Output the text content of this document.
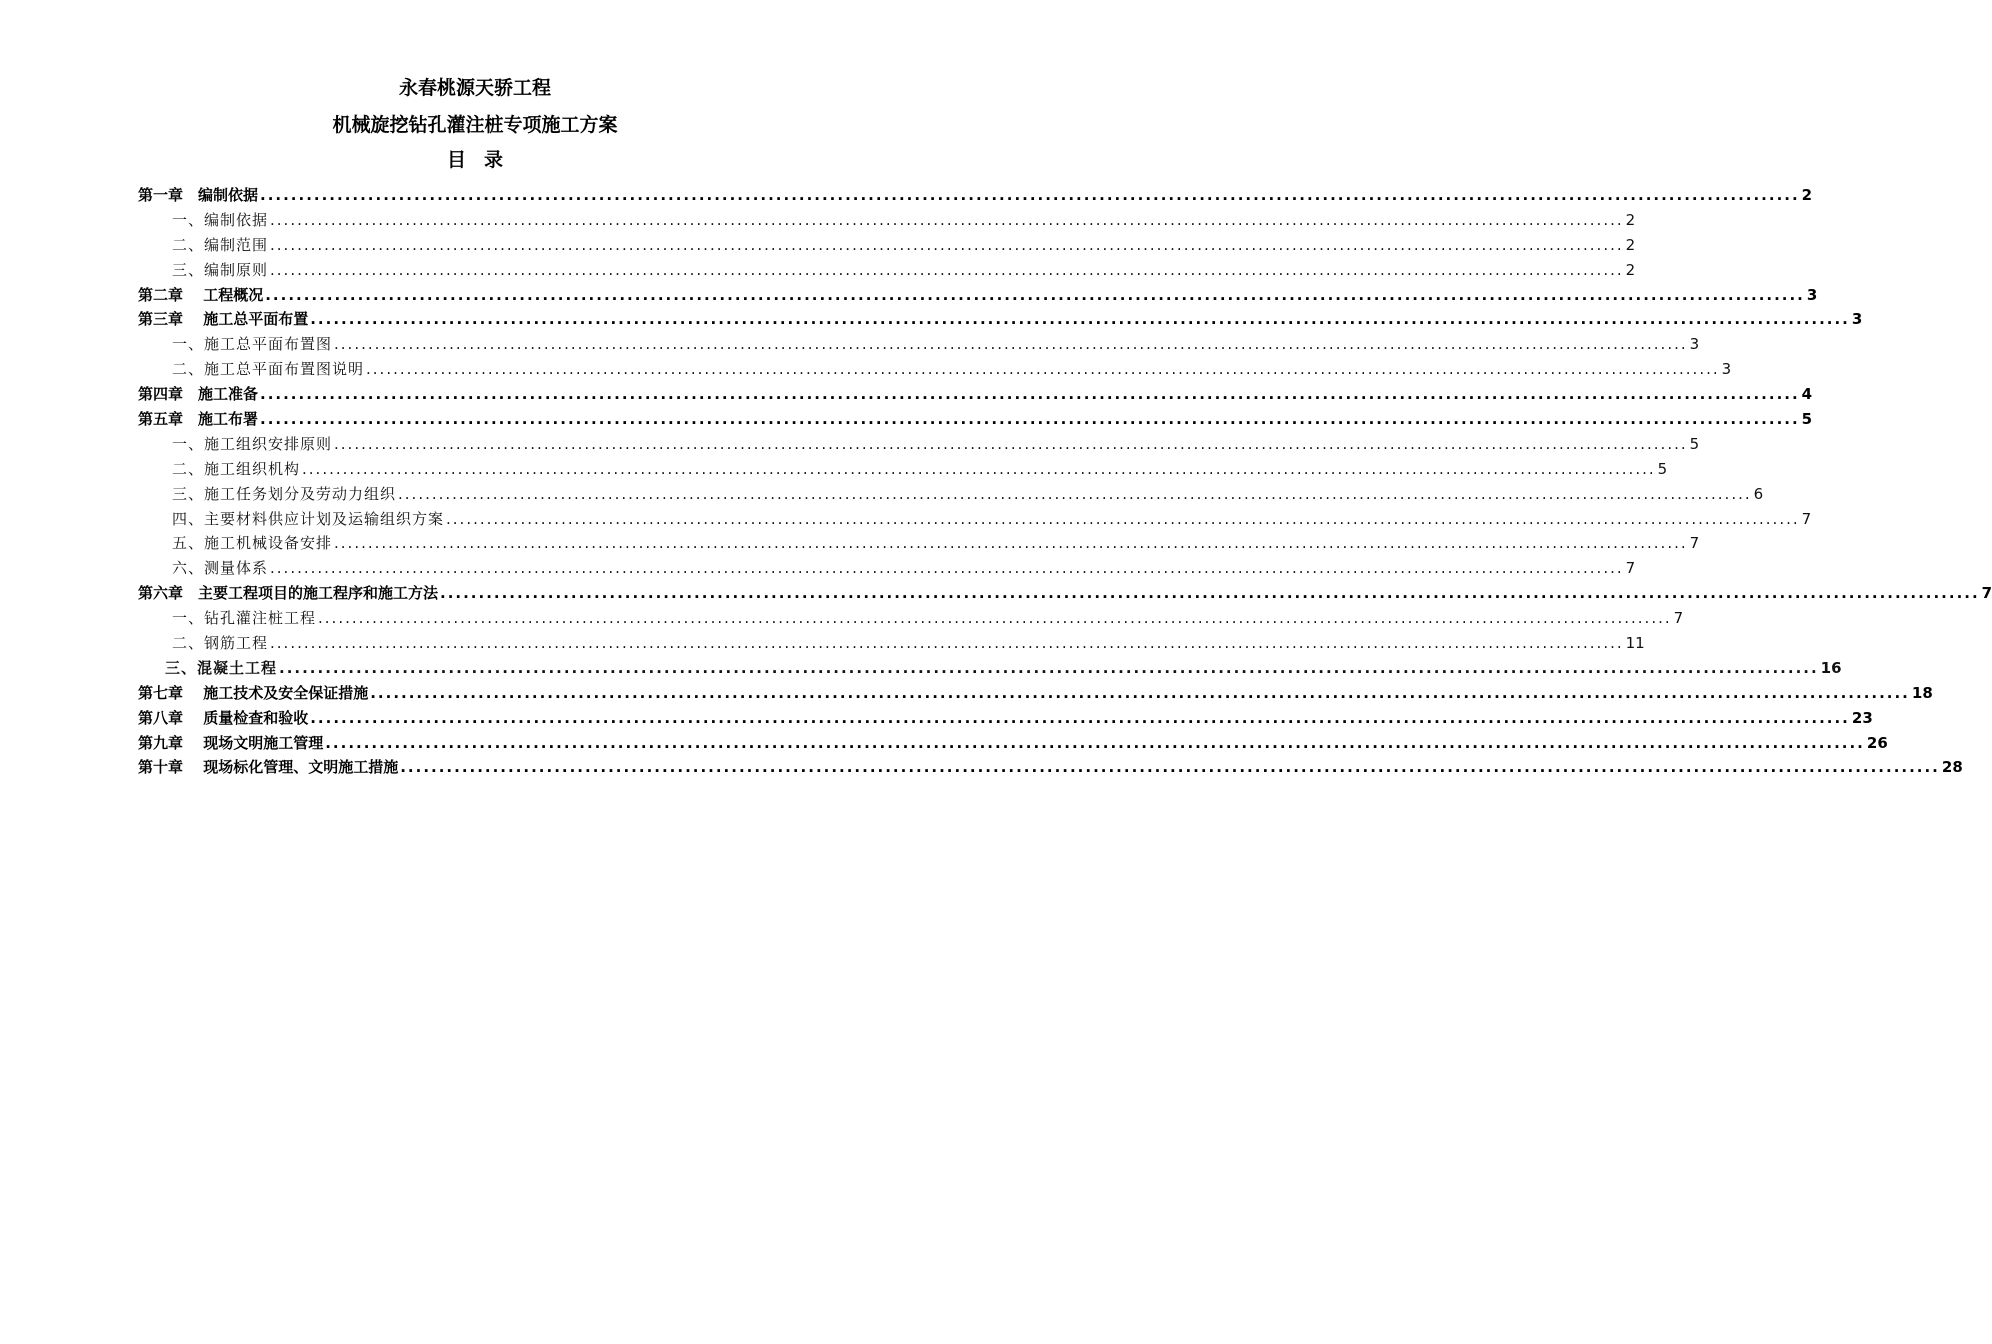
永春桃源天骄工程
机械旋挖钻孔灌注桩专项施工方案
目录
第一章　编制依据 ........................................................................................................................................................................................................ 2
一、编制依据 ........................................................................................................................................................................................................ 2
二、编制范围 ........................................................................................................................................................................................................ 2
三、编制原则 ........................................................................................................................................................................................................ 2
第二章　 工程概况 ........................................................................................................................................................................................................ 3
第三章　 施工总平面布置 ........................................................................................................................................................................................................ 3
一、施工总平面布置图 ........................................................................................................................................................................................................ 3
二、施工总平面布置图说明 ........................................................................................................................................................................................................ 3
第四章　施工准备 ........................................................................................................................................................................................................ 4
第五章　施工布署 ........................................................................................................................................................................................................ 5
一、施工组织安排原则 ........................................................................................................................................................................................................ 5
二、施工组织机构 ........................................................................................................................................................................................................ 5
三、施工任务划分及劳动力组织 ........................................................................................................................................................................................................ 6
四、主要材料供应计划及运输组织方案 ........................................................................................................................................................................................................ 7
五、施工机械设备安排 ........................................................................................................................................................................................................ 7
六、测量体系 ........................................................................................................................................................................................................ 7
第六章　主要工程项目的施工程序和施工方法 ........................................................................................................................................................................................................ 7
一、钻孔灌注桩工程 ........................................................................................................................................................................................................ 7
二、钢筋工程 ........................................................................................................................................................................................................ 11
三、混凝土工程 ........................................................................................................................................................................................................ 16
第七章　 施工技术及安全保证措施 ........................................................................................................................................................................................................ 18
第八章　 质量检查和验收 ........................................................................................................................................................................................................ 23
第九章　 现场文明施工管理 ........................................................................................................................................................................................................ 26
第十章　 现场标化管理、文明施工措施 ........................................................................................................................................................................................................ 28
